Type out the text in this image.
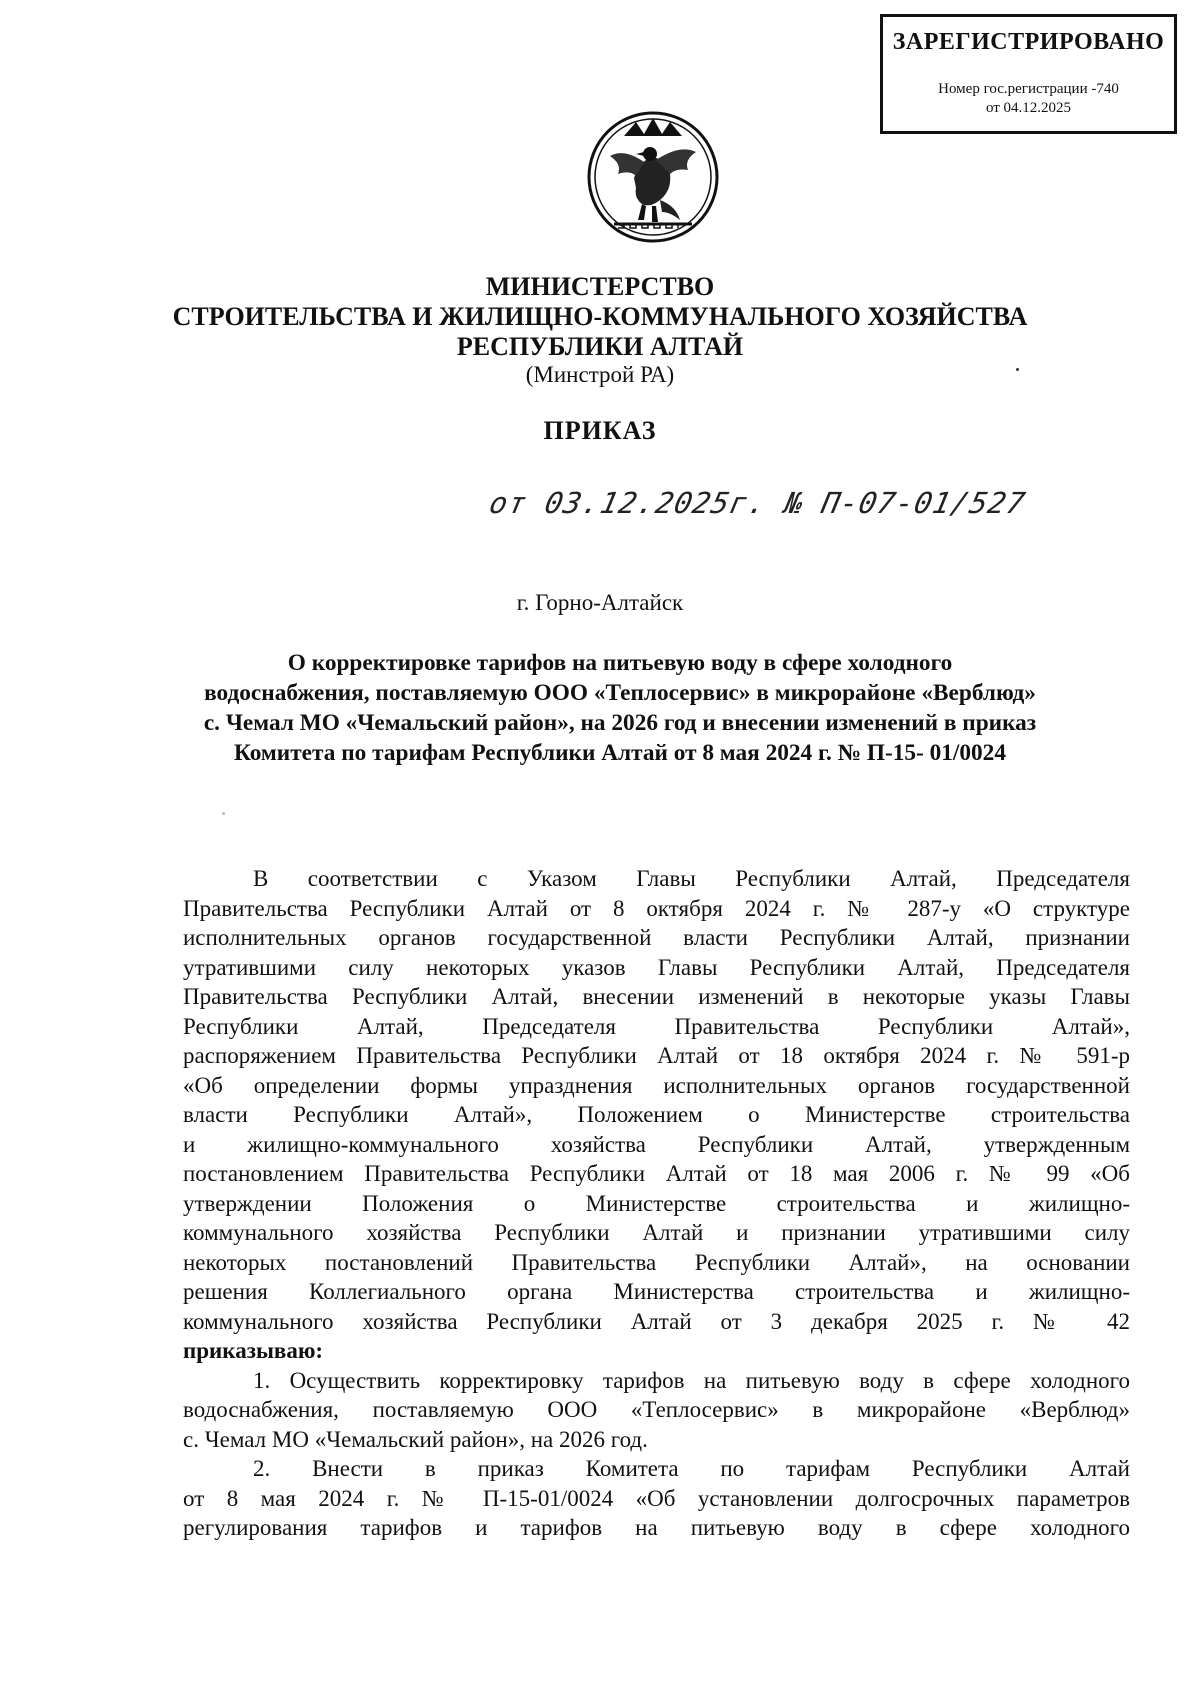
ЗАРЕГИСТРИРОВАНО
Номер гос.регистрации -740
от 04.12.2025
МИНИСТЕРСТВО
СТРОИТЕЛЬСТВА И ЖИЛИЩНО-КОММУНАЛЬНОГО ХОЗЯЙСТВА
РЕСПУБЛИКИ АЛТАЙ
(Минстрой РА)
ПРИКАЗ
от 03.12.2025г. № П-07-01/527
г. Горно-Алтайск
О корректировке тарифов на питьевую воду в сфере холодного
водоснабжения, поставляемую ООО «Теплосервис» в микрорайоне «Верблюд»
с. Чемал МО «Чемальский район», на 2026 год и внесении изменений в приказ
Комитета по тарифам Республики Алтай от 8 мая 2024 г. № П-15- 01/0024
В соответствии с Указом Главы Республики Алтай, Председателя
Правительства Республики Алтай от 8 октября 2024 г. № 287-у «О структуре
исполнительных органов государственной власти Республики Алтай, признании
утратившими силу некоторых указов Главы Республики Алтай, Председателя
Правительства Республики Алтай, внесении изменений в некоторые указы Главы
Республики Алтай, Председателя Правительства Республики Алтай»,
распоряжением Правительства Республики Алтай от 18 октября 2024 г. № 591-р
«Об определении формы упразднения исполнительных органов государственной
власти Республики Алтай», Положением о Министерстве строительства
и жилищно-коммунального хозяйства Республики Алтай, утвержденным
постановлением Правительства Республики Алтай от 18 мая 2006 г. № 99 «Об
утверждении Положения о Министерстве строительства и жилищно-
коммунального хозяйства Республики Алтай и признании утратившими силу
некоторых постановлений Правительства Республики Алтай», на основании
решения Коллегиального органа Министерства строительства и жилищно-
коммунального хозяйства Республики Алтай от 3 декабря 2025 г. № 42
приказываю:
1. Осуществить корректировку тарифов на питьевую воду в сфере холодного
водоснабжения, поставляемую ООО «Теплосервис» в микрорайоне «Верблюд»
с. Чемал МО «Чемальский район», на 2026 год.
2. Внести в приказ Комитета по тарифам Республики Алтай
от 8 мая 2024 г. № П-15-01/0024 «Об установлении долгосрочных параметров
регулирования тарифов и тарифов на питьевую воду в сфере холодного
